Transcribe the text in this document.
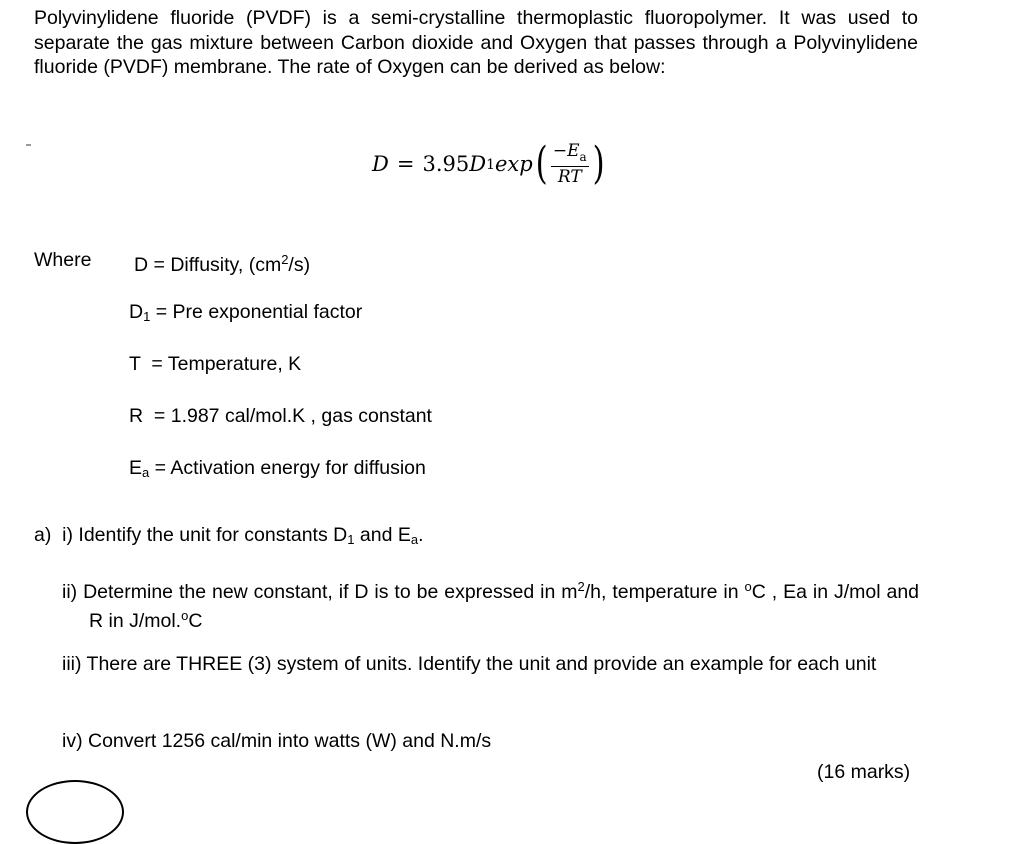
Polyvinylidene fluoride (PVDF) is a semi-crystalline thermoplastic fluoropolymer. It was used to separate the gas mixture between Carbon dioxide and Oxygen that passes through a Polyvinylidene fluoride (PVDF) membrane. The rate of Oxygen can be derived as below:
D = 3.95 $D_1$ exp ( $\frac{-E_a}{RT}$ )
Where D = Diffusity, $(cm^2/s)$
$D_1$ = Pre exponential factor
T  = Temperature, K
R  = 1.987 cal/mol.K , gas constant
$E_a$ = Activation energy for diffusion
a)  i) Identify the unit for constants $D_1$ and $E_a$.
ii) Determine the new constant, if D is to be expressed in $m^2/h$, temperature in $^o$C , Ea in J/mol and R in J/mol.$^o$C
iii) There are THREE (3) system of units. Identify the unit and provide an example for each unit
iv) Convert 1256 cal/min into watts (W) and N.m/s
(16 marks)
